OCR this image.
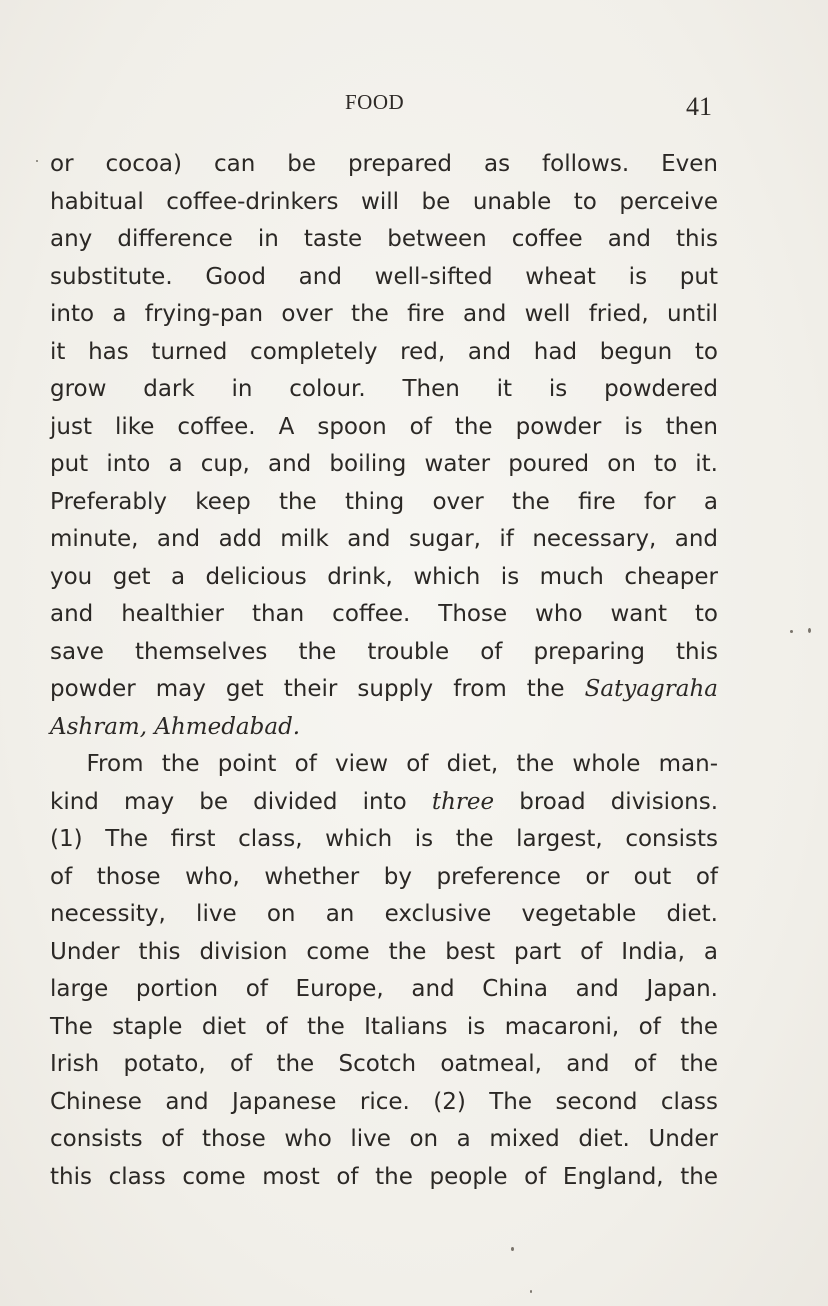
FOOD	41
or cocoa) can be prepared as follows. Even
habitual coffee-drinkers will be unable to perceive
any difference in taste between coffee and this
substitute. Good and well-sifted wheat is put
into a frying-pan over the fire and well fried, until
it has turned completely red, and had begun to
grow dark in colour. Then it is powdered
just like coffee. A spoon of the powder is then
put into a cup, and boiling water poured on to it.
Preferably keep the thing over the fire for a
minute, and add milk and sugar, if necessary, and
you get a delicious drink, which is much cheaper
and healthier than coffee. Those who want to
save themselves the trouble of preparing this
powder may get their supply from the Satyagraha
Ashram, Ahmedabad.
From the point of view of diet, the whole man-
kind may be divided into three broad divisions.
(1) The first class, which is the largest, consists
of those who, whether by preference or out of
necessity, live on an exclusive vegetable diet.
Under this division come the best part of India, a
large portion of Europe, and China and Japan.
The staple diet of the Italians is macaroni, of the
Irish potato, of the Scotch oatmeal, and of the
Chinese and Japanese rice. (2) The second class
consists of those who live on a mixed diet. Under
this class come most of the people of England, the
